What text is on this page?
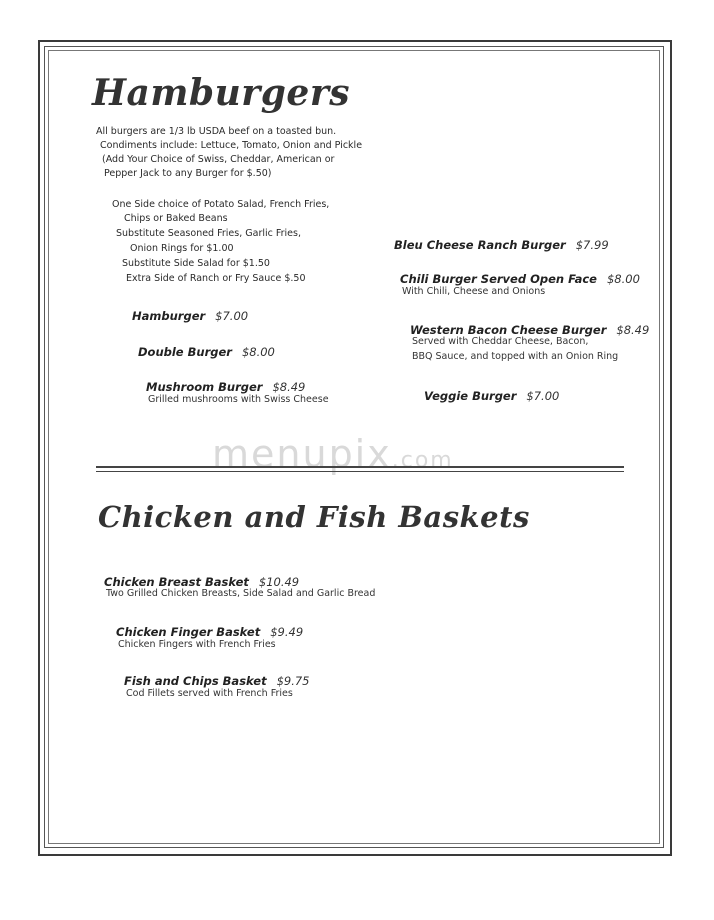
Hamburgers

All burgers are 1/3 lb USDA beef on a toasted bun.

Condiments include: Lettuce, Tomato, Onion and Pickle

(Add Your Choice of Swiss, Cheddar, American or

Pepper Jack to any Burger for $.50)

One Side choice of Potato Salad, French Fries,

Chips or Baked Beans

Substitute Seasoned Fries, Garlic Fries,

Onion Rings for $1.00

Substitute Side Salad for $1.50

Extra Side of Ranch or Fry Sauce $.50

Hamburger $7.00

Double Burger $8.00

Mushroom Burger $8.49

Grilled mushrooms with Swiss Cheese

Bleu Cheese Ranch Burger $7.99

Chili Burger Served Open Face $8.00

With Chili, Cheese and Onions

Western Bacon Cheese Burger $8.49

Served with Cheddar Cheese, Bacon,

BBQ Sauce, and topped with an Onion Ring

Veggie Burger $7.00

menupix.com
Chicken and Fish Baskets

Chicken Breast Basket $10.49

Two Grilled Chicken Breasts, Side Salad and Garlic Bread

Chicken Finger Basket $9.49

Chicken Fingers with French Fries

Fish and Chips Basket $9.75

Cod Fillets served with French Fries
